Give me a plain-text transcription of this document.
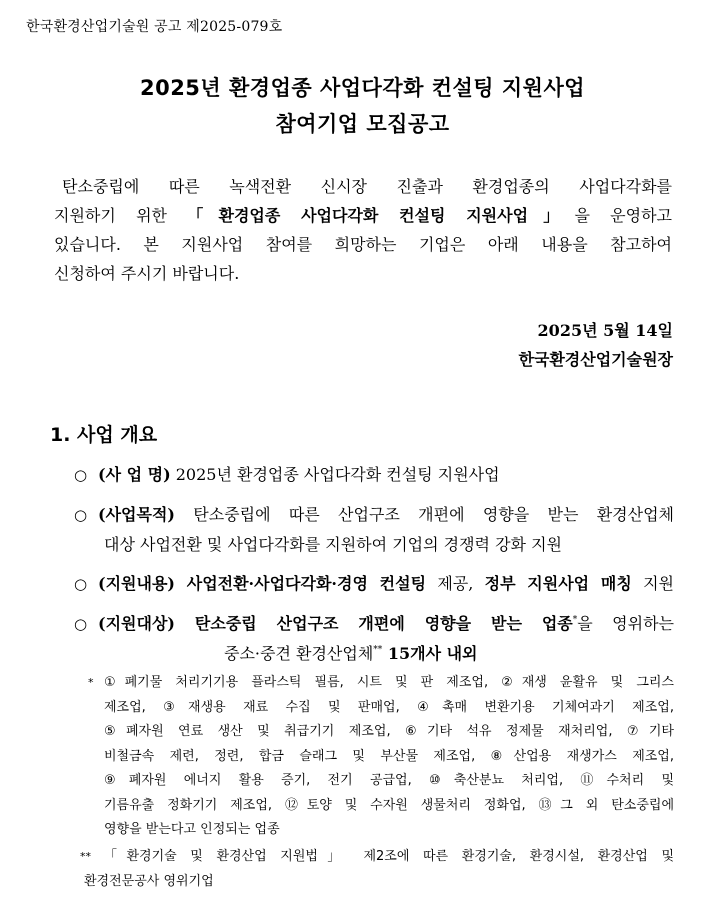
한국환경산업기술원 공고 제2025-079호
2025년 환경업종 사업다각화 컨설팅 지원사업
참여기업 모집공고
탄소중립에 따른 녹색전환 신시장 진출과 환경업종의 사업다각화를
지원하기 위한 「환경업종 사업다각화 컨설팅 지원사업」을 운영하고
있습니다. 본 지원사업 참여를 희망하는 기업은 아래 내용을 참고하여
신청하여 주시기 바랍니다.
2025년 5월 14일
한국환경산업기술원장
1. 사업 개요
○ (사 업 명) 2025년 환경업종 사업다각화 컨설팅 지원사업
○ (사업목적) 탄소중립에 따른 산업구조 개편에 영향을 받는 환경산업체
대상 사업전환 및 사업다각화를 지원하여 기업의 경쟁력 강화 지원
○ (지원내용) 사업전환·사업다각화·경영 컨설팅 제공, 정부 지원사업 매칭 지원
○ (지원대상) 탄소중립 산업구조 개편에 영향을 받는 업종*을 영위하는
중소·중견 환경산업체** 15개사 내외
* ①폐기물 처리기기용 플라스틱 필름, 시트 및 판 제조업, ②재생 윤활유 및 그리스
제조업, ③재생용 재료 수집 및 판매업, ④촉매 변환기용 기체여과기 제조업,
⑤폐자원 연료 생산 및 취급기기 제조업, ⑥기타 석유 정제물 재처리업, ⑦기타
비철금속 제련, 정련, 합금 슬래그 및 부산물 제조업, ⑧산업용 재생가스 제조업,
⑨폐자원 에너지 활용 증기, 전기 공급업, ⑩축산분뇨 처리업, ⑪수처리 및
기름유출 정화기기 제조업, ⑫토양 및 수자원 생물처리 정화업, ⑬그 외 탄소중립에
영향을 받는다고 인정되는 업종
**	「환경기술 및 환경산업 지원법」 제2조에 따른 환경기술, 환경시설, 환경산업 및
환경전문공사 영위기업
